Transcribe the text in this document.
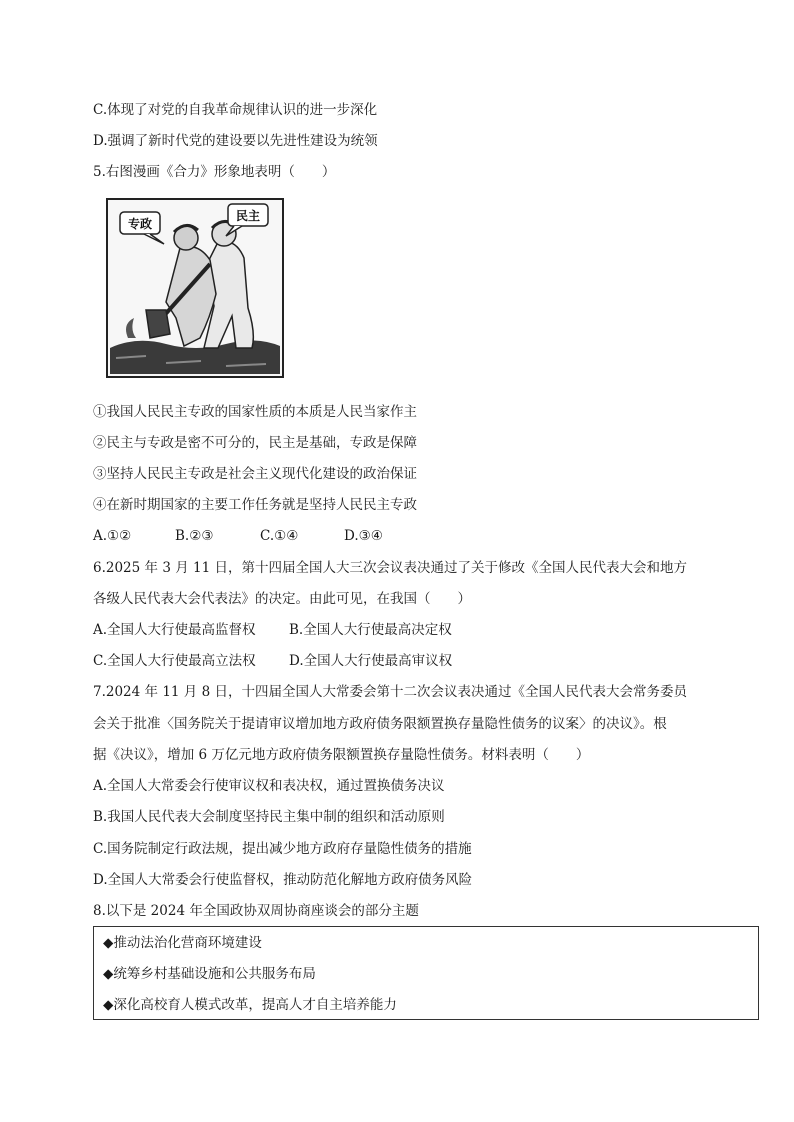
C.体现了对党的自我革命规律认识的进一步深化
D.强调了新时代党的建设要以先进性建设为统领
5.右图漫画《合力》形象地表明（　　）
专政
民主
①我国人民民主专政的国家性质的本质是人民当家作主
②民主与专政是密不可分的，民主是基础，专政是保障
③坚持人民民主专政是社会主义现代化建设的政治保证
④在新时期国家的主要工作任务就是坚持人民民主专政
A.①②	B.②③	C.①④	D.③④
6.2025 年 3 月 11 日，第十四届全国人大三次会议表决通过了关于修改《全国人民代表大会和地方
各级人民代表大会代表法》的决定。由此可见，在我国（　　）
A.全国人大行使最高监督权 B.全国人大行使最高决定权
C.全国人大行使最高立法权 D.全国人大行使最高审议权
7.2024 年 11 月 8 日，十四届全国人大常委会第十二次会议表决通过《全国人民代表大会常务委员
会关于批准〈国务院关于提请审议增加地方政府债务限额置换存量隐性债务的议案〉的决议》。根
据《决议》，增加 6 万亿元地方政府债务限额置换存量隐性债务。材料表明（　　）
A.全国人大常委会行使审议权和表决权，通过置换债务决议
B.我国人民代表大会制度坚持民主集中制的组织和活动原则
C.国务院制定行政法规，提出减少地方政府存量隐性债务的措施
D.全国人大常委会行使监督权，推动防范化解地方政府债务风险
8.以下是 2024 年全国政协双周协商座谈会的部分主题
◆推动法治化营商环境建设
◆统筹乡村基础设施和公共服务布局
◆深化高校育人模式改革，提高人才自主培养能力
